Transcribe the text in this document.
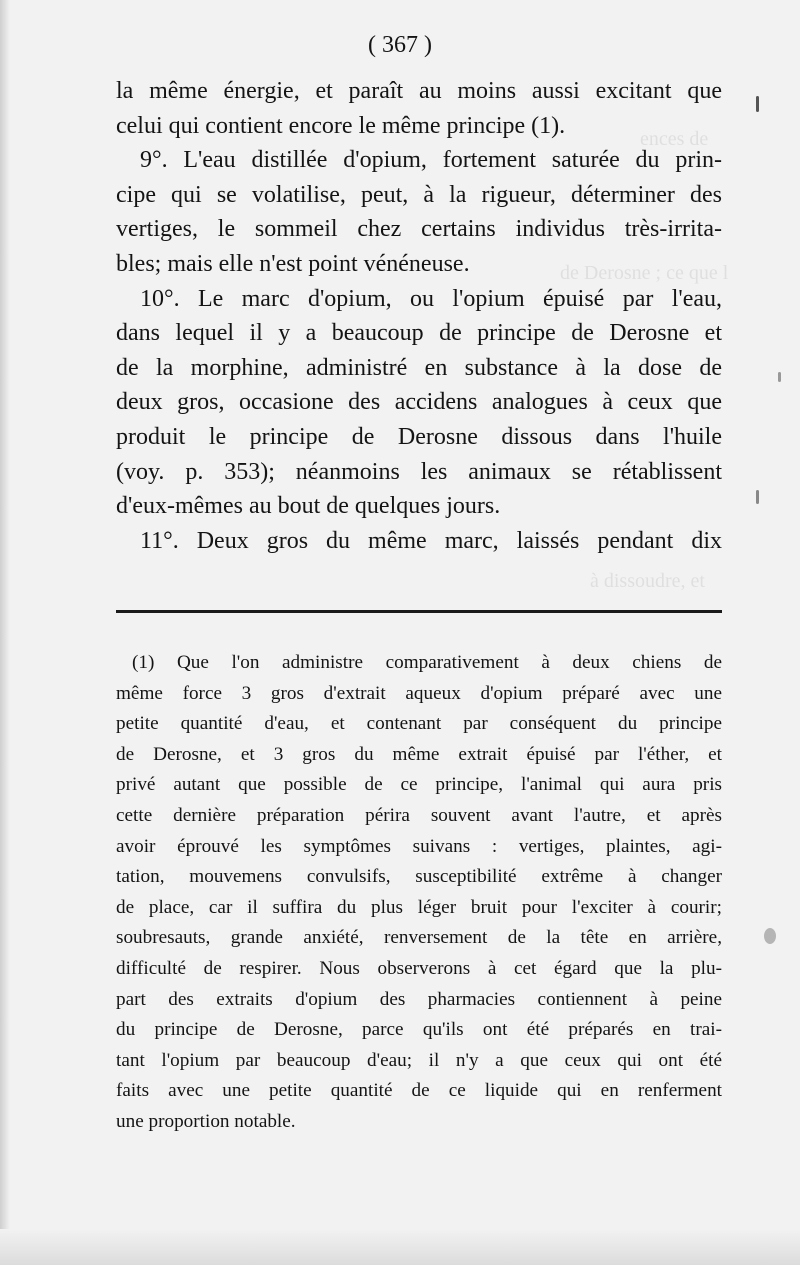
ences de
de Derosne ; ce que l
à dissoudre, et
( 367 )
la même énergie, et paraît au moins aussi excitant que
celui qui contient encore le même principe (1).
9°. L'eau distillée d'opium, fortement saturée du prin-
cipe qui se volatilise, peut, à la rigueur, déterminer des
vertiges, le sommeil chez certains individus très-irrita-
bles; mais elle n'est point vénéneuse.
10°. Le marc d'opium, ou l'opium épuisé par l'eau,
dans lequel il y a beaucoup de principe de Derosne et
de la morphine, administré en substance à la dose de
deux gros, occasione des accidens analogues à ceux que
produit le principe de Derosne dissous dans l'huile
(voy. p. 353); néanmoins les animaux se rétablissent
d'eux-mêmes au bout de quelques jours.
11°. Deux gros du même marc, laissés pendant dix
(1) Que l'on administre comparativement à deux chiens de
même force 3 gros d'extrait aqueux d'opium préparé avec une
petite quantité d'eau, et contenant par conséquent du principe
de Derosne, et 3 gros du même extrait épuisé par l'éther, et
privé autant que possible de ce principe, l'animal qui aura pris
cette dernière préparation périra souvent avant l'autre, et après
avoir éprouvé les symptômes suivans : vertiges, plaintes, agi-
tation, mouvemens convulsifs, susceptibilité extrême à changer
de place, car il suffira du plus léger bruit pour l'exciter à courir;
soubresauts, grande anxiété, renversement de la tête en arrière,
difficulté de respirer. Nous observerons à cet égard que la plu-
part des extraits d'opium des pharmacies contiennent à peine
du principe de Derosne, parce qu'ils ont été préparés en trai-
tant l'opium par beaucoup d'eau; il n'y a que ceux qui ont été
faits avec une petite quantité de ce liquide qui en renferment
une proportion notable.
